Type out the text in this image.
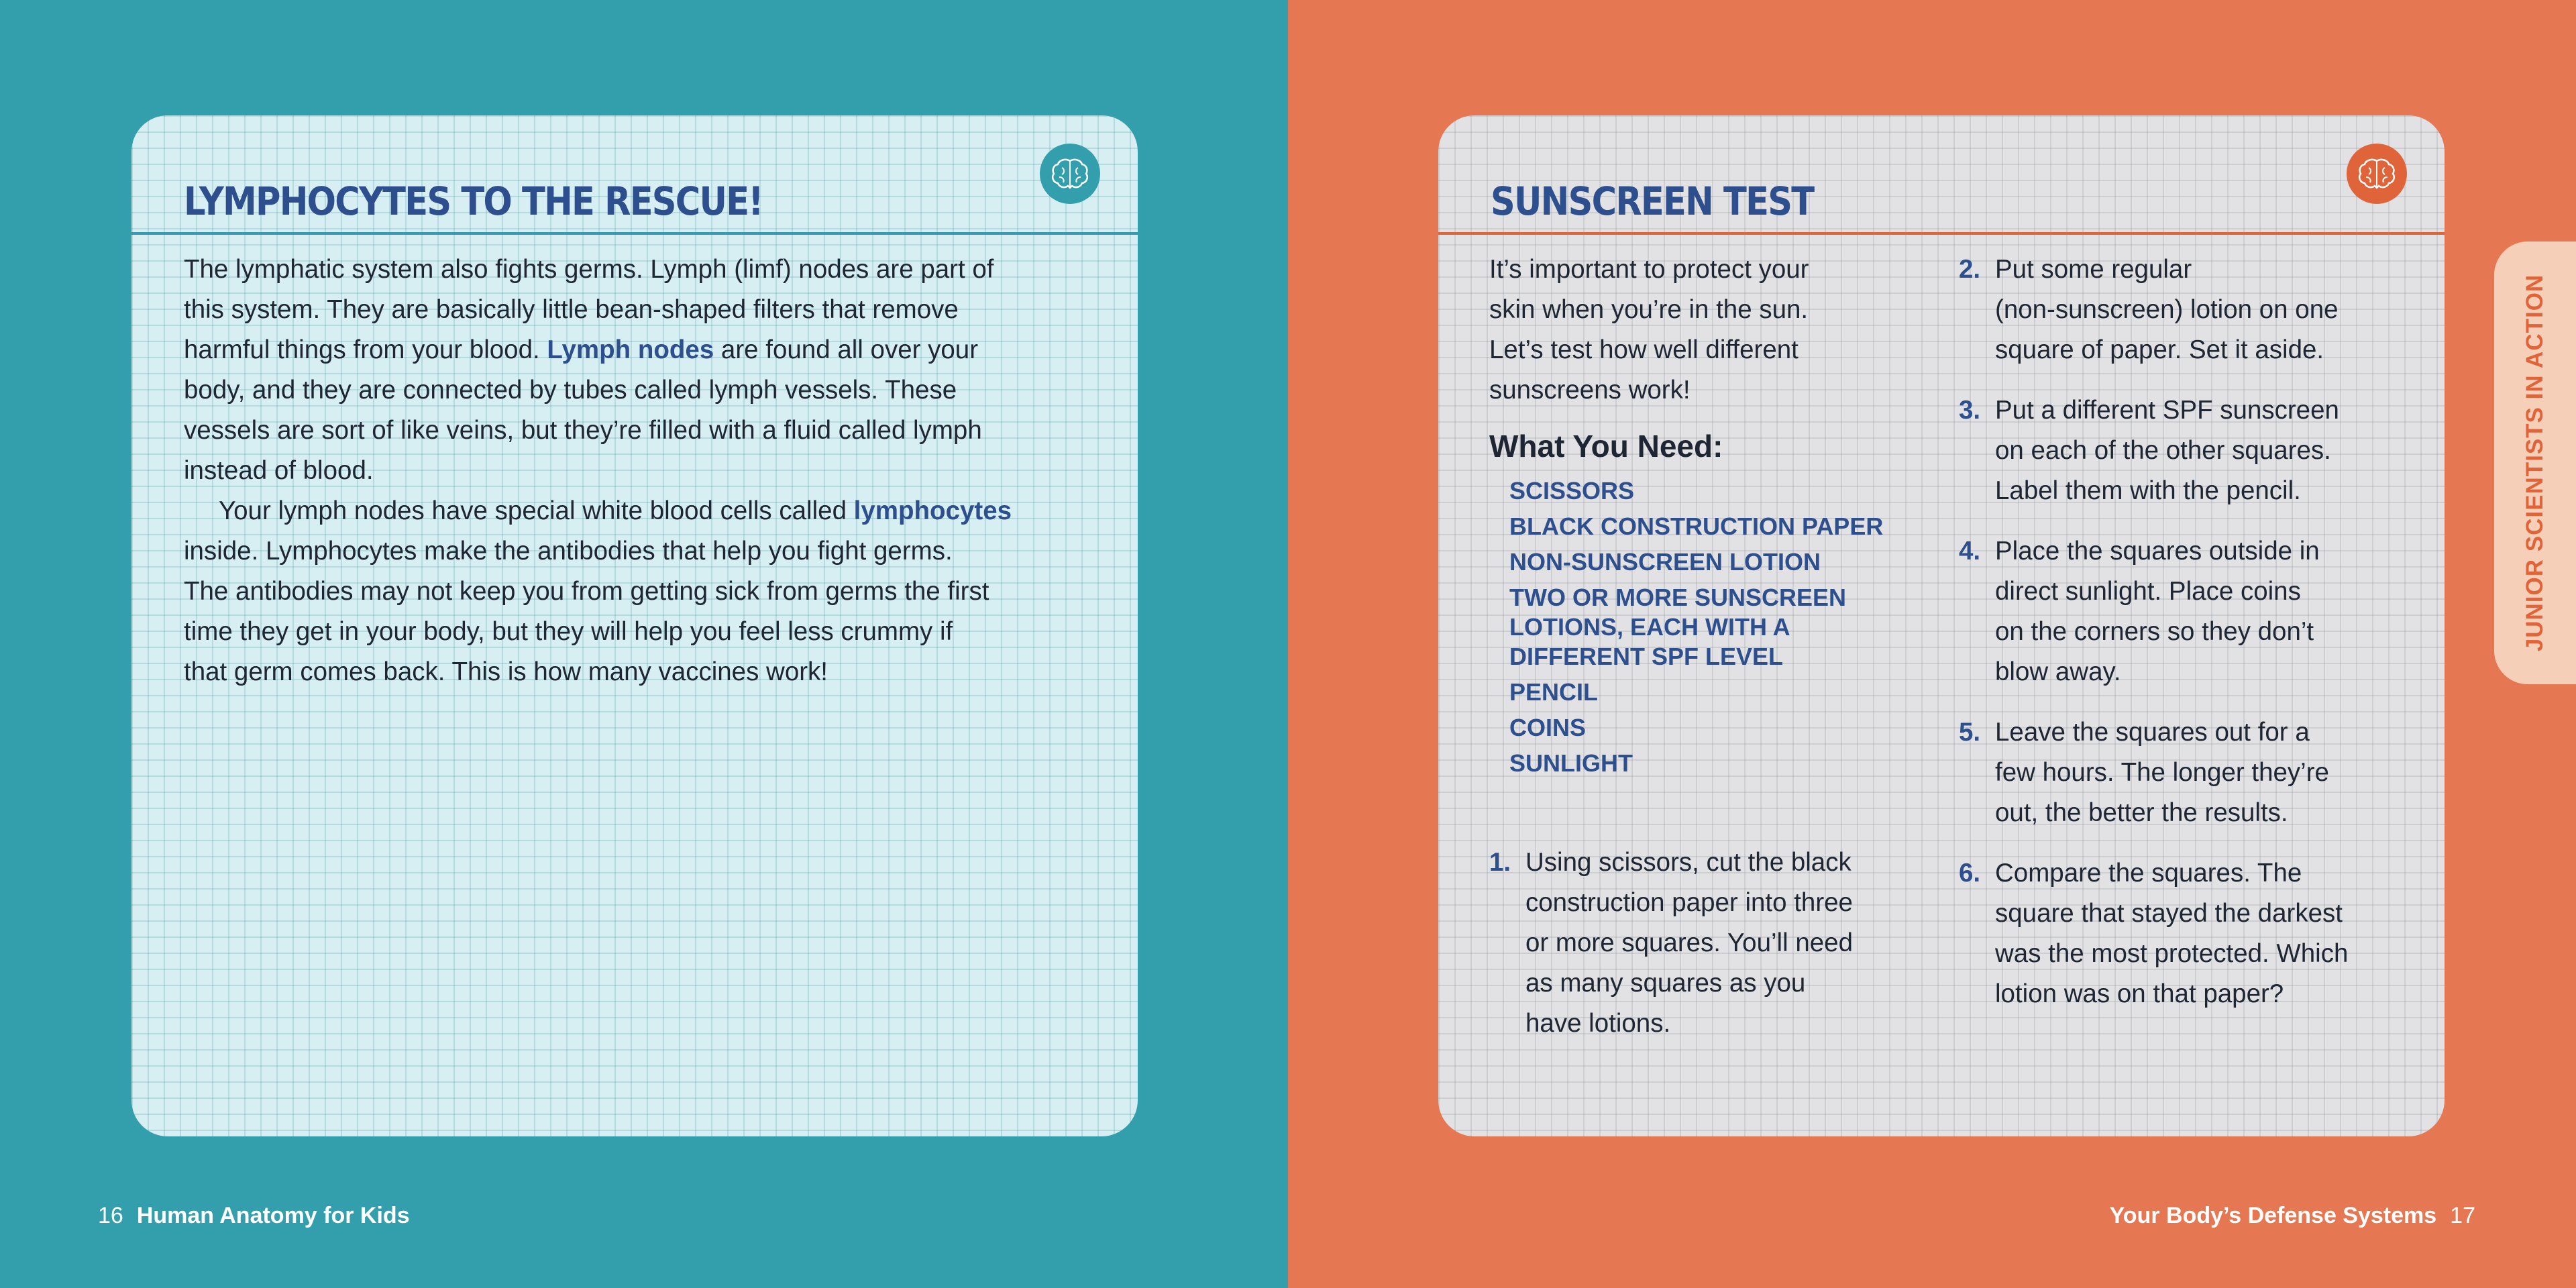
LYMPHOCYTES TO THE RESCUE!
The lymphatic system also fights germs. Lymph (limf) nodes are part of
this system. They are basically little bean-shaped filters that remove
harmful things from your blood. Lymph nodes are found all over your
body, and they are connected by tubes called lymph vessels. These
vessels are sort of like veins, but they’re filled with a fluid called lymph
instead of blood.
Your lymph nodes have special white blood cells called lymphocytes
inside. Lymphocytes make the antibodies that help you fight germs.
The antibodies may not keep you from getting sick from germs the first
time they get in your body, but they will help you feel less crummy if
that germ comes back. This is how many vaccines work!
16 Human Anatomy for Kids
SUNSCREEN TEST
It’s important to protect your
skin when you’re in the sun.
Let’s test how well different
sunscreens work!
What You Need:
SCISSORS
BLACK CONSTRUCTION PAPER
NON-SUNSCREEN LOTION
TWO OR MORE SUNSCREEN
LOTIONS, EACH WITH A
DIFFERENT SPF LEVEL
PENCIL
COINS
SUNLIGHT
1. Using scissors, cut the black
construction paper into three
or more squares. You’ll need
as many squares as you
have lotions.
2. Put some regular
(non-sunscreen) lotion on one
square of paper. Set it aside.
3. Put a different SPF sunscreen
on each of the other squares.
Label them with the pencil.
4. Place the squares outside in
direct sunlight. Place coins
on the corners so they don’t
blow away.
5. Leave the squares out for a
few hours. The longer they’re
out, the better the results.
6. Compare the squares. The
square that stayed the darkest
was the most protected. Which
lotion was on that paper?
JUNIOR SCIENTISTS IN ACTION
Your Body’s Defense Systems 17
